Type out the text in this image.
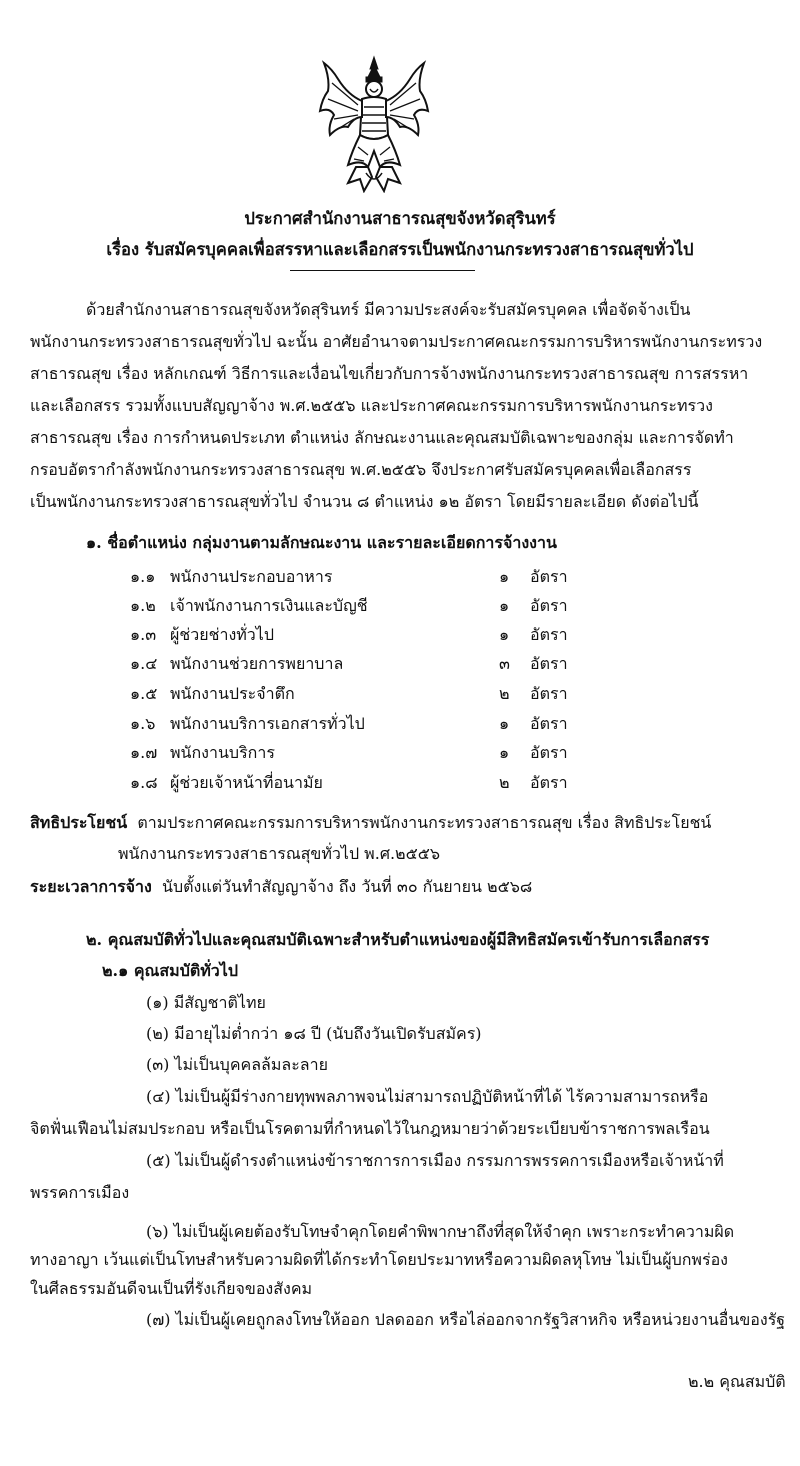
ประกาศสำนักงานสาธารณสุขจังหวัดสุรินทร์
เรื่อง รับสมัครบุคคลเพื่อสรรหาและเลือกสรรเป็นพนักงานกระทรวงสาธารณสุขทั่วไป
ด้วยสำนักงานสาธารณสุขจังหวัดสุรินทร์ มีความประสงค์จะรับสมัครบุคคล เพื่อจัดจ้างเป็น
พนักงานกระทรวงสาธารณสุขทั่วไป ฉะนั้น อาศัยอำนาจตามประกาศคณะกรรมการบริหารพนักงานกระทรวง
สาธารณสุข เรื่อง หลักเกณฑ์ วิธีการและเงื่อนไขเกี่ยวกับการจ้างพนักงานกระทรวงสาธารณสุข การสรรหา
และเลือกสรร รวมทั้งแบบสัญญาจ้าง พ.ศ.๒๕๕๖ และประกาศคณะกรรมการบริหารพนักงานกระทรวง
สาธารณสุข เรื่อง การกำหนดประเภท ตำแหน่ง ลักษณะงานและคุณสมบัติเฉพาะของกลุ่ม และการจัดทำ
กรอบอัตรากำลังพนักงานกระทรวงสาธารณสุข พ.ศ.๒๕๕๖ จึงประกาศรับสมัครบุคคลเพื่อเลือกสรร
เป็นพนักงานกระทรวงสาธารณสุขทั่วไป จำนวน ๘ ตำแหน่ง ๑๒ อัตรา โดยมีรายละเอียด ดังต่อไปนี้
๑. ชื่อตำแหน่ง กลุ่มงานตามลักษณะงาน และรายละเอียดการจ้างงาน
๑.๑ พนักงานประกอบอาหาร	๑ อัตรา
๑.๒ เจ้าพนักงานการเงินและบัญชี	๑ อัตรา
๑.๓ ผู้ช่วยช่างทั่วไป	๑ อัตรา
๑.๔ พนักงานช่วยการพยาบาล	๓ อัตรา
๑.๕ พนักงานประจำตึก	๒ อัตรา
๑.๖ พนักงานบริการเอกสารทั่วไป	๑ อัตรา
๑.๗ พนักงานบริการ	๑ อัตรา
๑.๘ ผู้ช่วยเจ้าหน้าที่อนามัย	๒ อัตรา
สิทธิประโยชน์ ตามประกาศคณะกรรมการบริหารพนักงานกระทรวงสาธารณสุข เรื่อง สิทธิประโยชน์
พนักงานกระทรวงสาธารณสุขทั่วไป พ.ศ.๒๕๕๖
ระยะเวลาการจ้าง นับตั้งแต่วันทำสัญญาจ้าง ถึง วันที่ ๓๐ กันยายน ๒๕๖๘
๒. คุณสมบัติทั่วไปและคุณสมบัติเฉพาะสำหรับตำแหน่งของผู้มีสิทธิสมัครเข้ารับการเลือกสรร
๒.๑ คุณสมบัติทั่วไป
(๑) มีสัญชาติไทย
(๒) มีอายุไม่ต่ำกว่า ๑๘ ปี (นับถึงวันเปิดรับสมัคร)
(๓) ไม่เป็นบุคคลล้มละลาย
(๔) ไม่เป็นผู้มีร่างกายทุพพลภาพจนไม่สามารถปฏิบัติหน้าที่ได้ ไร้ความสามารถหรือ
จิตฟั่นเฟือนไม่สมประกอบ หรือเป็นโรคตามที่กำหนดไว้ในกฎหมายว่าด้วยระเบียบข้าราชการพลเรือน
(๕) ไม่เป็นผู้ดำรงตำแหน่งข้าราชการการเมือง กรรมการพรรคการเมืองหรือเจ้าหน้าที่
พรรคการเมือง
(๖) ไม่เป็นผู้เคยต้องรับโทษจำคุกโดยคำพิพากษาถึงที่สุดให้จำคุก เพราะกระทำความผิด
ทางอาญา เว้นแต่เป็นโทษสำหรับความผิดที่ได้กระทำโดยประมาทหรือความผิดลหุโทษ ไม่เป็นผู้บกพร่อง
ในศีลธรรมอันดีจนเป็นที่รังเกียจของสังคม
(๗) ไม่เป็นผู้เคยถูกลงโทษให้ออก ปลดออก หรือไล่ออกจากรัฐวิสาหกิจ หรือหน่วยงานอื่นของรัฐ
๒.๒ คุณสมบัติ
